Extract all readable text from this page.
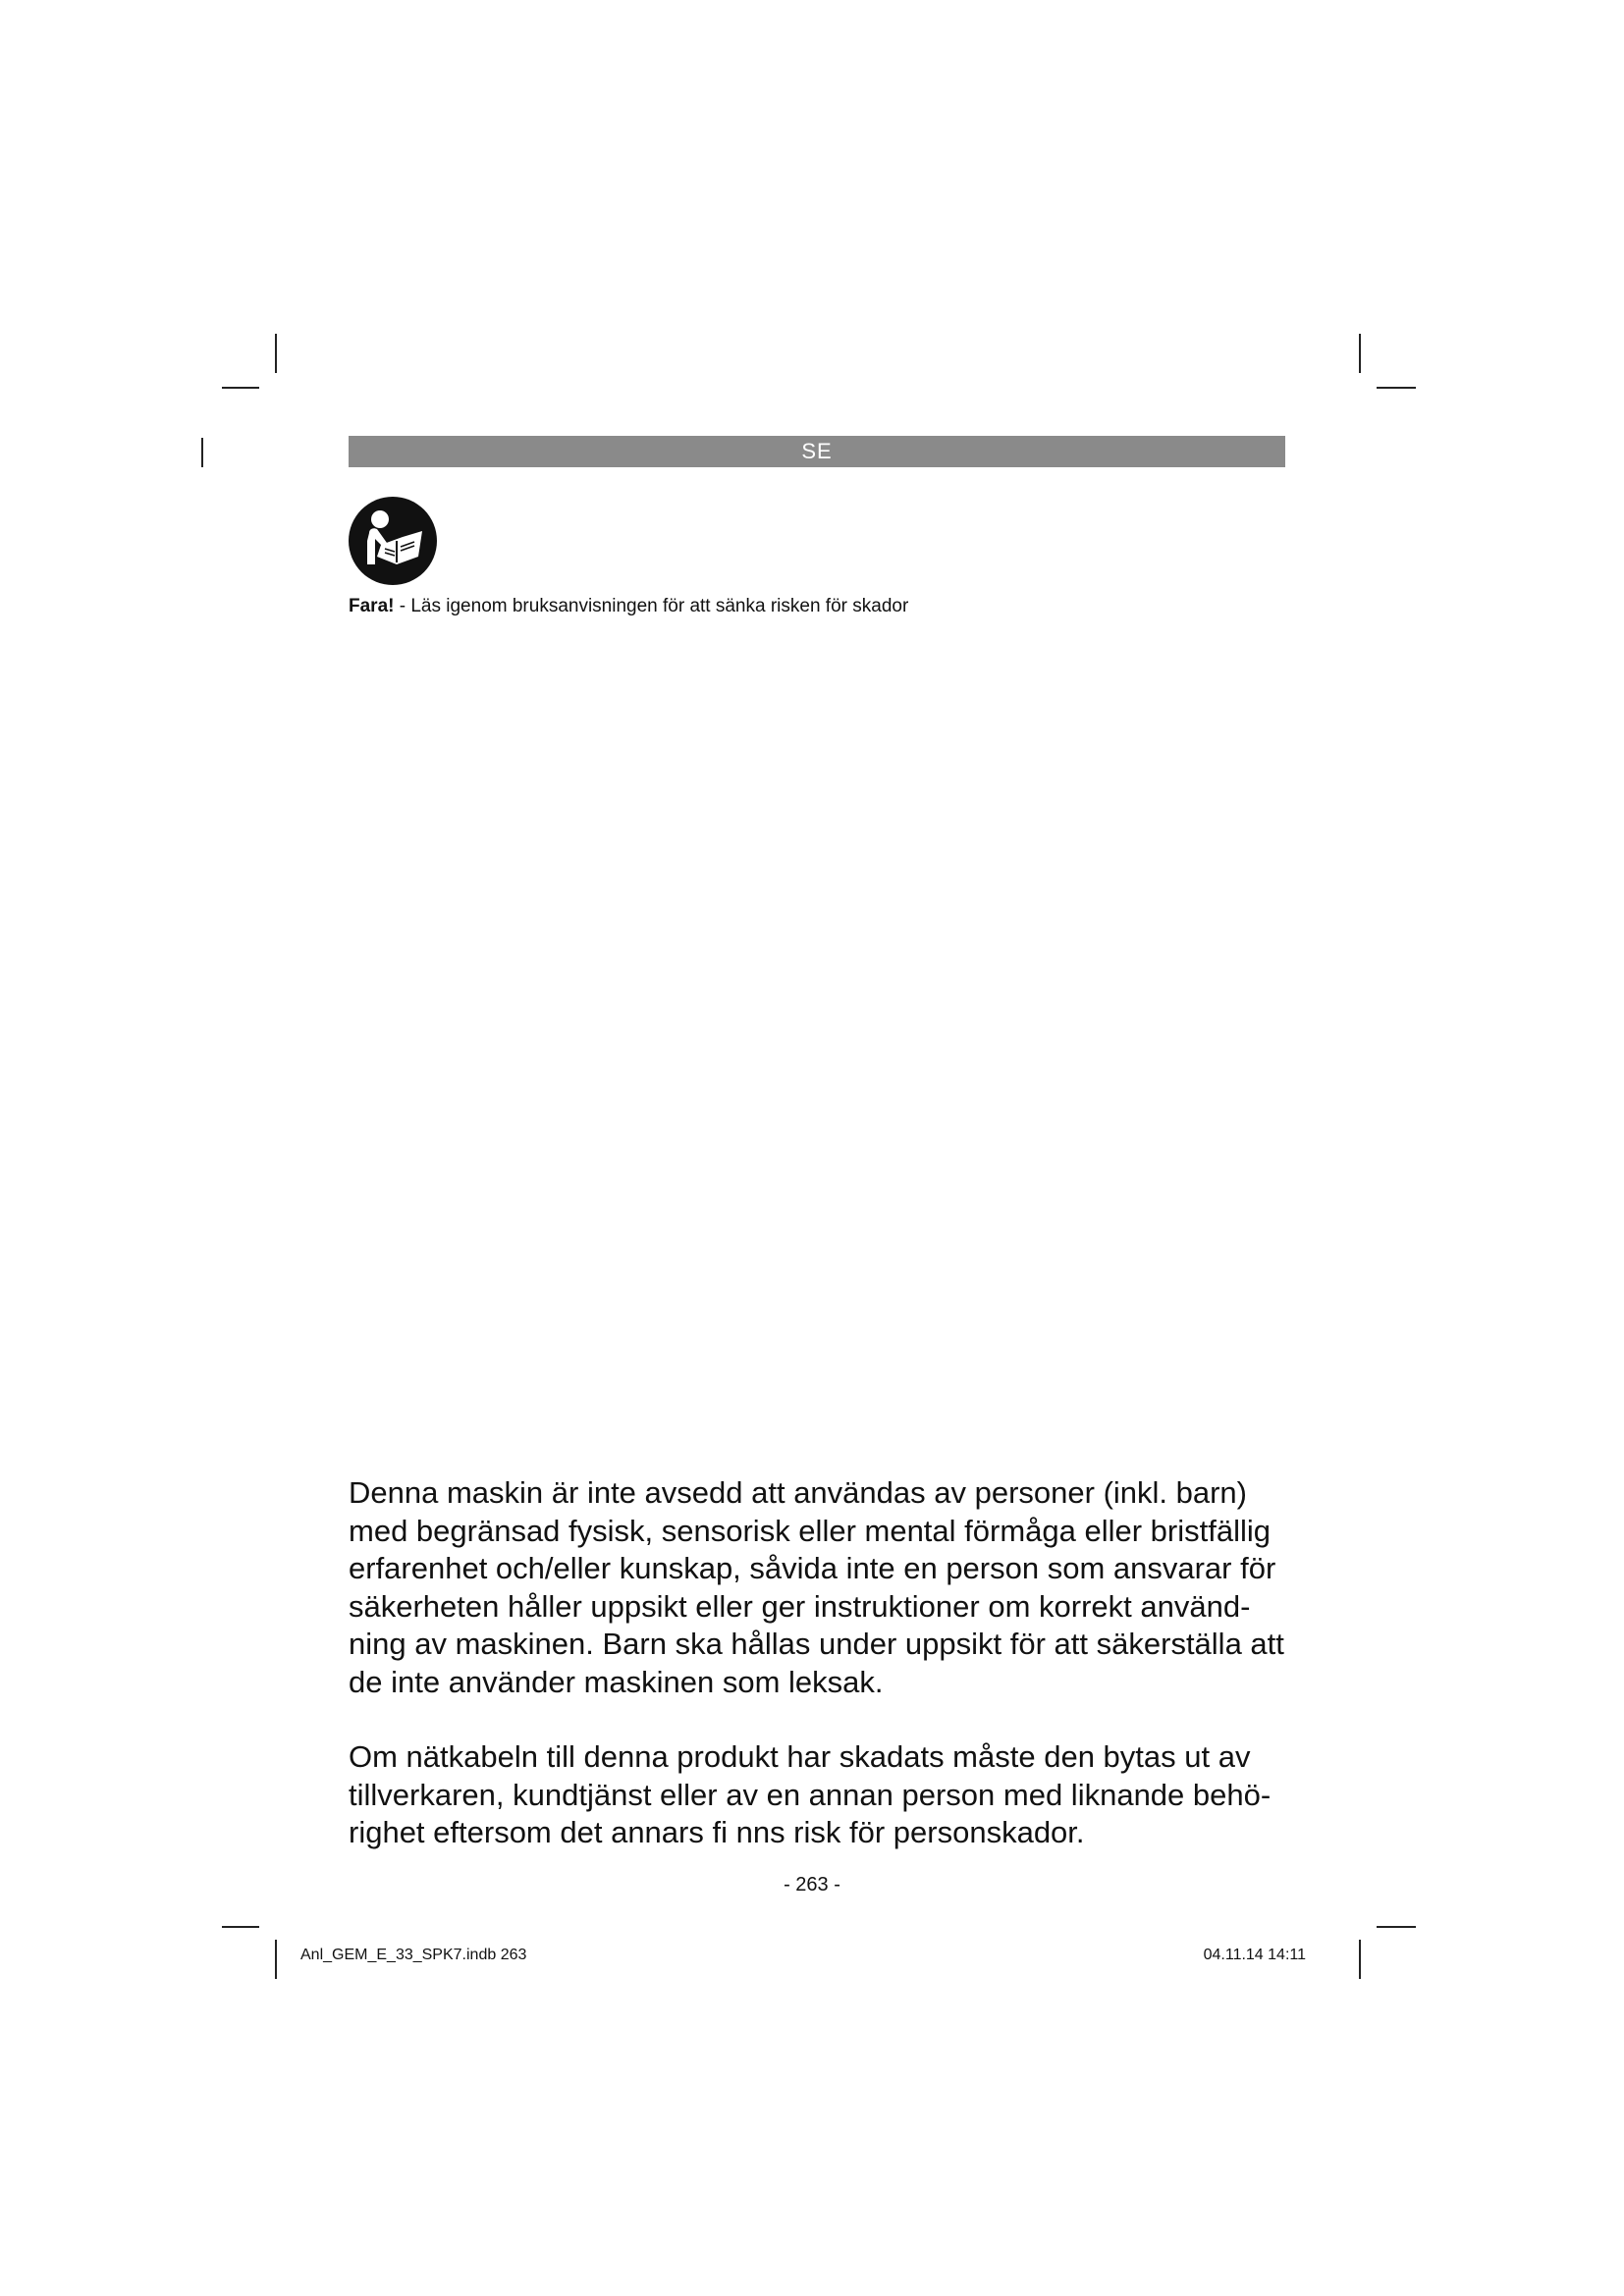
SE
Fara! - Läs igenom bruksanvisningen för att sänka risken för skador
Denna maskin är inte avsedd att användas av personer (inkl. barn)
med begränsad fysisk, sensorisk eller mental förmåga eller bristfällig
erfarenhet och/eller kunskap, såvida inte en person som ansvarar för
säkerheten håller uppsikt eller ger instruktioner om korrekt använd-
ning av maskinen. Barn ska hållas under uppsikt för att säkerställa att
de inte använder maskinen som leksak.
Om nätkabeln till denna produkt har skadats måste den bytas ut av
tillverkaren, kundtjänst eller av en annan person med liknande behö-
righet eftersom det annars fi nns risk för personskador.
- 263 -
Anl_GEM_E_33_SPK7.indb 263	04.11.14 14:11
